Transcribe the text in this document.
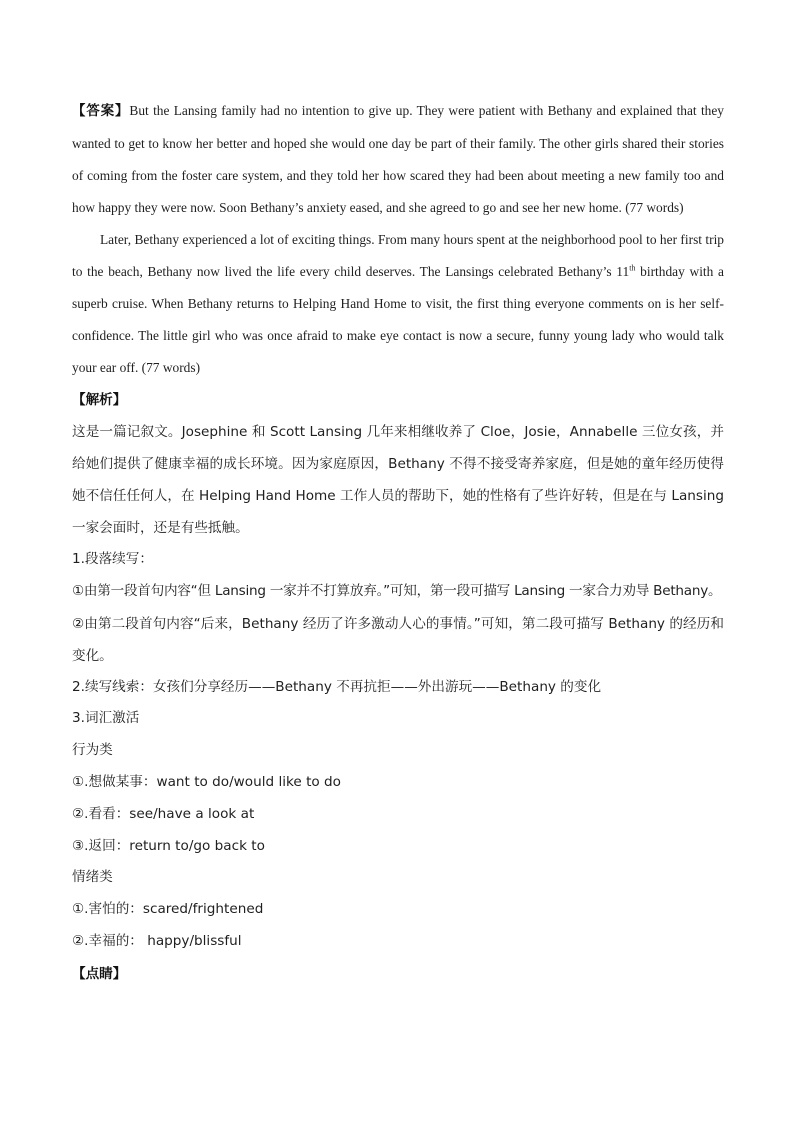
【答案】But the Lansing family had no intention to give up. They were patient with Bethany and explained that they wanted to get to know her better and hoped she would one day be part of their family. The other girls shared their stories of coming from the foster care system, and they told her how scared they had been about meeting a new family too and how happy they were now. Soon Bethany’s anxiety eased, and she agreed to go and see her new home. (77 words)

Later, Bethany experienced a lot of exciting things. From many hours spent at the neighborhood pool to her first trip to the beach, Bethany now lived the life every child deserves. The Lansings celebrated Bethany’s 11th birthday with a superb cruise. When Bethany returns to Helping Hand Home to visit, the first thing everyone comments on is her self-confidence. The little girl who was once afraid to make eye contact is now a secure, funny young lady who would talk your ear off. (77 words)

【解析】

这是一篇记叙文。Josephine 和 Scott Lansing 几年来相继收养了 Cloe，Josie，Annabelle 三位女孩，并给她们提供了健康幸福的成长环境。因为家庭原因，Bethany 不得不接受寄养家庭，但是她的童年经历使得她不信任任何人，在 Helping Hand Home 工作人员的帮助下，她的性格有了些许好转，但是在与 Lansing 一家会面时，还是有些抵触。

1.段落续写：

①由第一段首句内容“但 Lansing 一家并不打算放弃。”可知，第一段可描写 Lansing 一家合力劝导 Bethany。

②由第二段首句内容“后来，Bethany 经历了许多激动人心的事情。”可知，第二段可描写 Bethany 的经历和变化。

2.续写线索：女孩们分享经历——Bethany 不再抗拒——外出游玩——Bethany 的变化

3.词汇激活

行为类

①.想做某事：want to do/would like to do

②.看看：see/have a look at

③.返回：return to/go back to

情绪类

①.害怕的：scared/frightened

②.幸福的： happy/blissful

【点睛】
